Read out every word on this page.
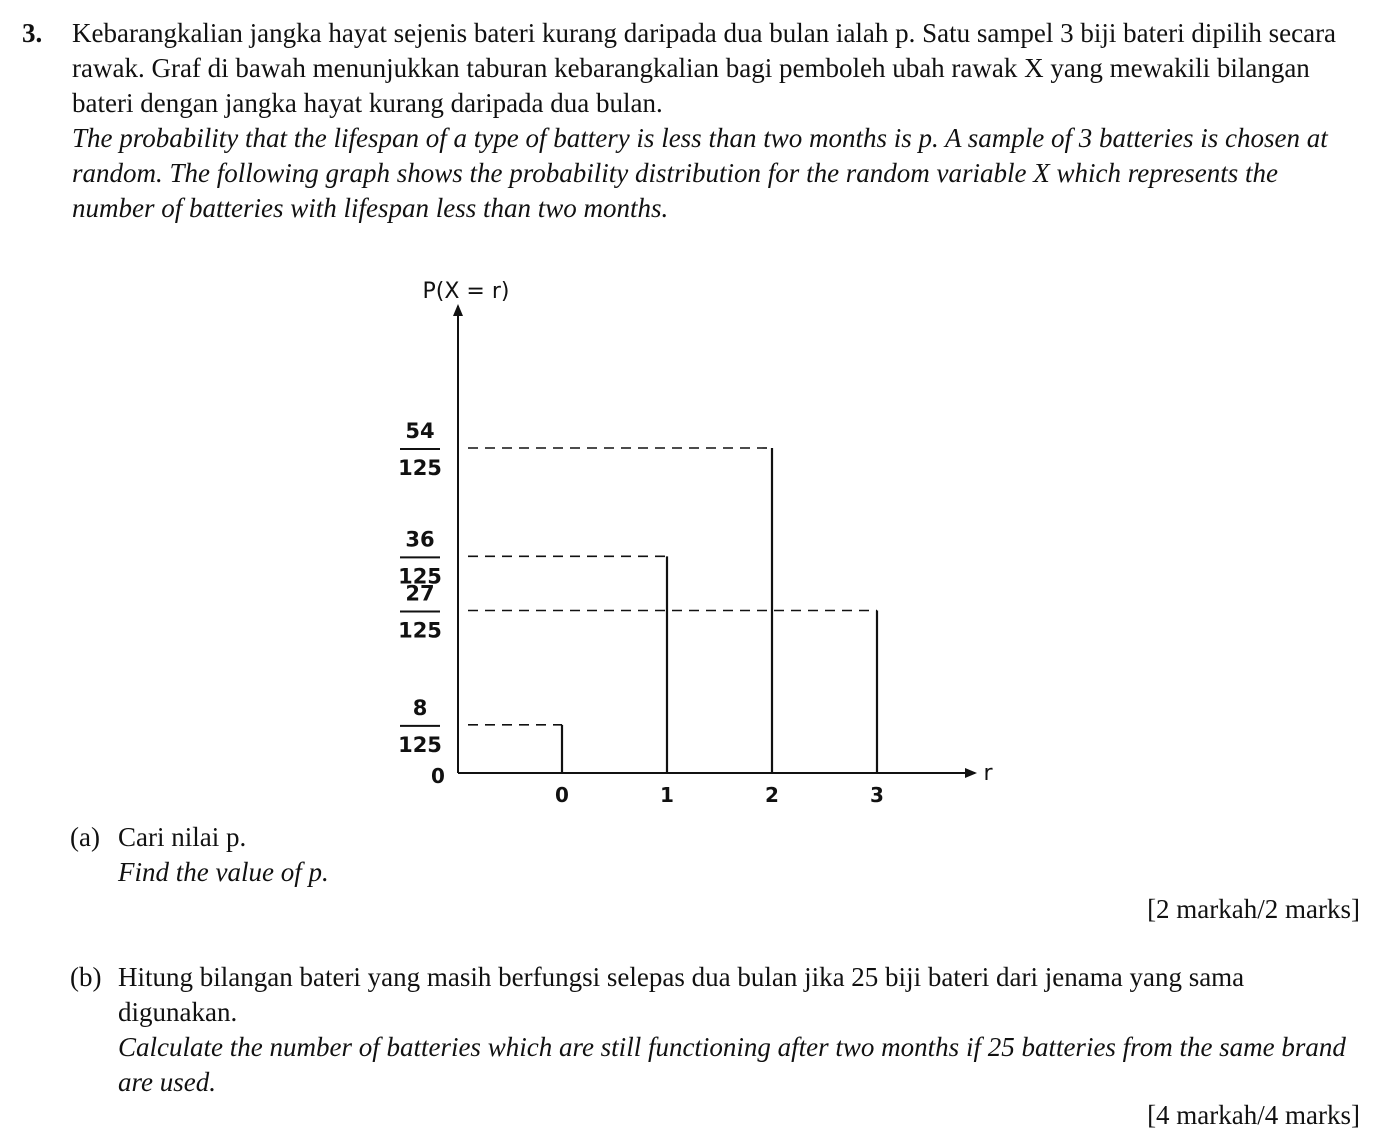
3. Kebarangkalian jangka hayat sejenis bateri kurang daripada dua bulan ialah p. Satu sampel 3 biji bateri dipilih secara rawak. Graf di bawah menunjukkan taburan kebarangkalian bagi pemboleh ubah rawak X yang mewakili bilangan bateri dengan jangka hayat kurang daripada dua bulan.

The probability that the lifespan of a type of battery is less than two months is p. A sample of 3 batteries is chosen at random. The following graph shows the probability distribution for the random variable X which represents the number of batteries with lifespan less than two months.

P(X = r)
r
0
0	1	2	3
54
125
36
125
27
125
8
125
(a) Cari nilai p.

Find the value of p.

[2 markah/2 marks]
(b) Hitung bilangan bateri yang masih berfungsi selepas dua bulan jika 25 biji bateri dari jenama yang sama digunakan.

Calculate the number of batteries which are still functioning after two months if 25 batteries from the same brand are used.

[4 markah/4 marks]
